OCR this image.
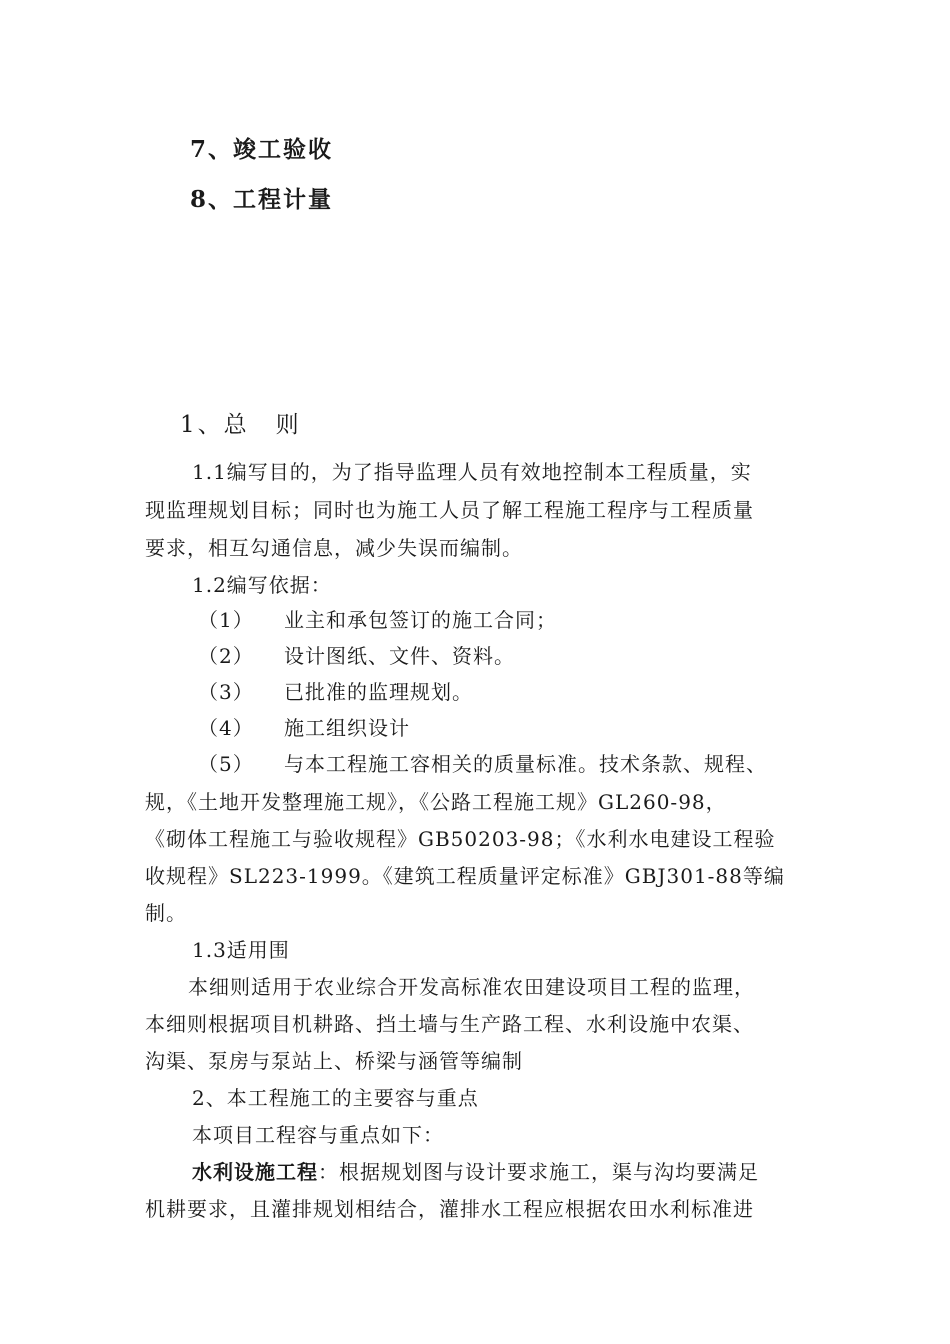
7、竣工验收
8、工程计量
1、总　则
1.1编写目的，为了指导监理人员有效地控制本工程质量，实
现监理规划目标；同时也为施工人员了解工程施工程序与工程质量
要求，相互勾通信息，减少失误而编制。
1.2编写依据：
（1） 业主和承包签订的施工合同；
（2） 设计图纸、文件、资料。
（3） 已批准的监理规划。
（4） 施工组织设计
（5） 与本工程施工容相关的质量标准。技术条款、规程、
规，《土地开发整理施工规》，《公路工程施工规》GL260-98，
《砌体工程施工与验收规程》GB50203-98；《水利水电建设工程验
收规程》SL223-1999。《建筑工程质量评定标准》GBJ301-88等编
制。
1.3适用围
本细则适用于农业综合开发高标准农田建设项目工程的监理，
本细则根据项目机耕路、挡土墙与生产路工程、水利设施中农渠、
沟渠、泵房与泵站上、桥梁与涵管等编制
2、本工程施工的主要容与重点
本项目工程容与重点如下：
水利设施工程：根据规划图与设计要求施工，渠与沟均要满足
机耕要求，且灌排规划相结合，灌排水工程应根据农田水利标准进
